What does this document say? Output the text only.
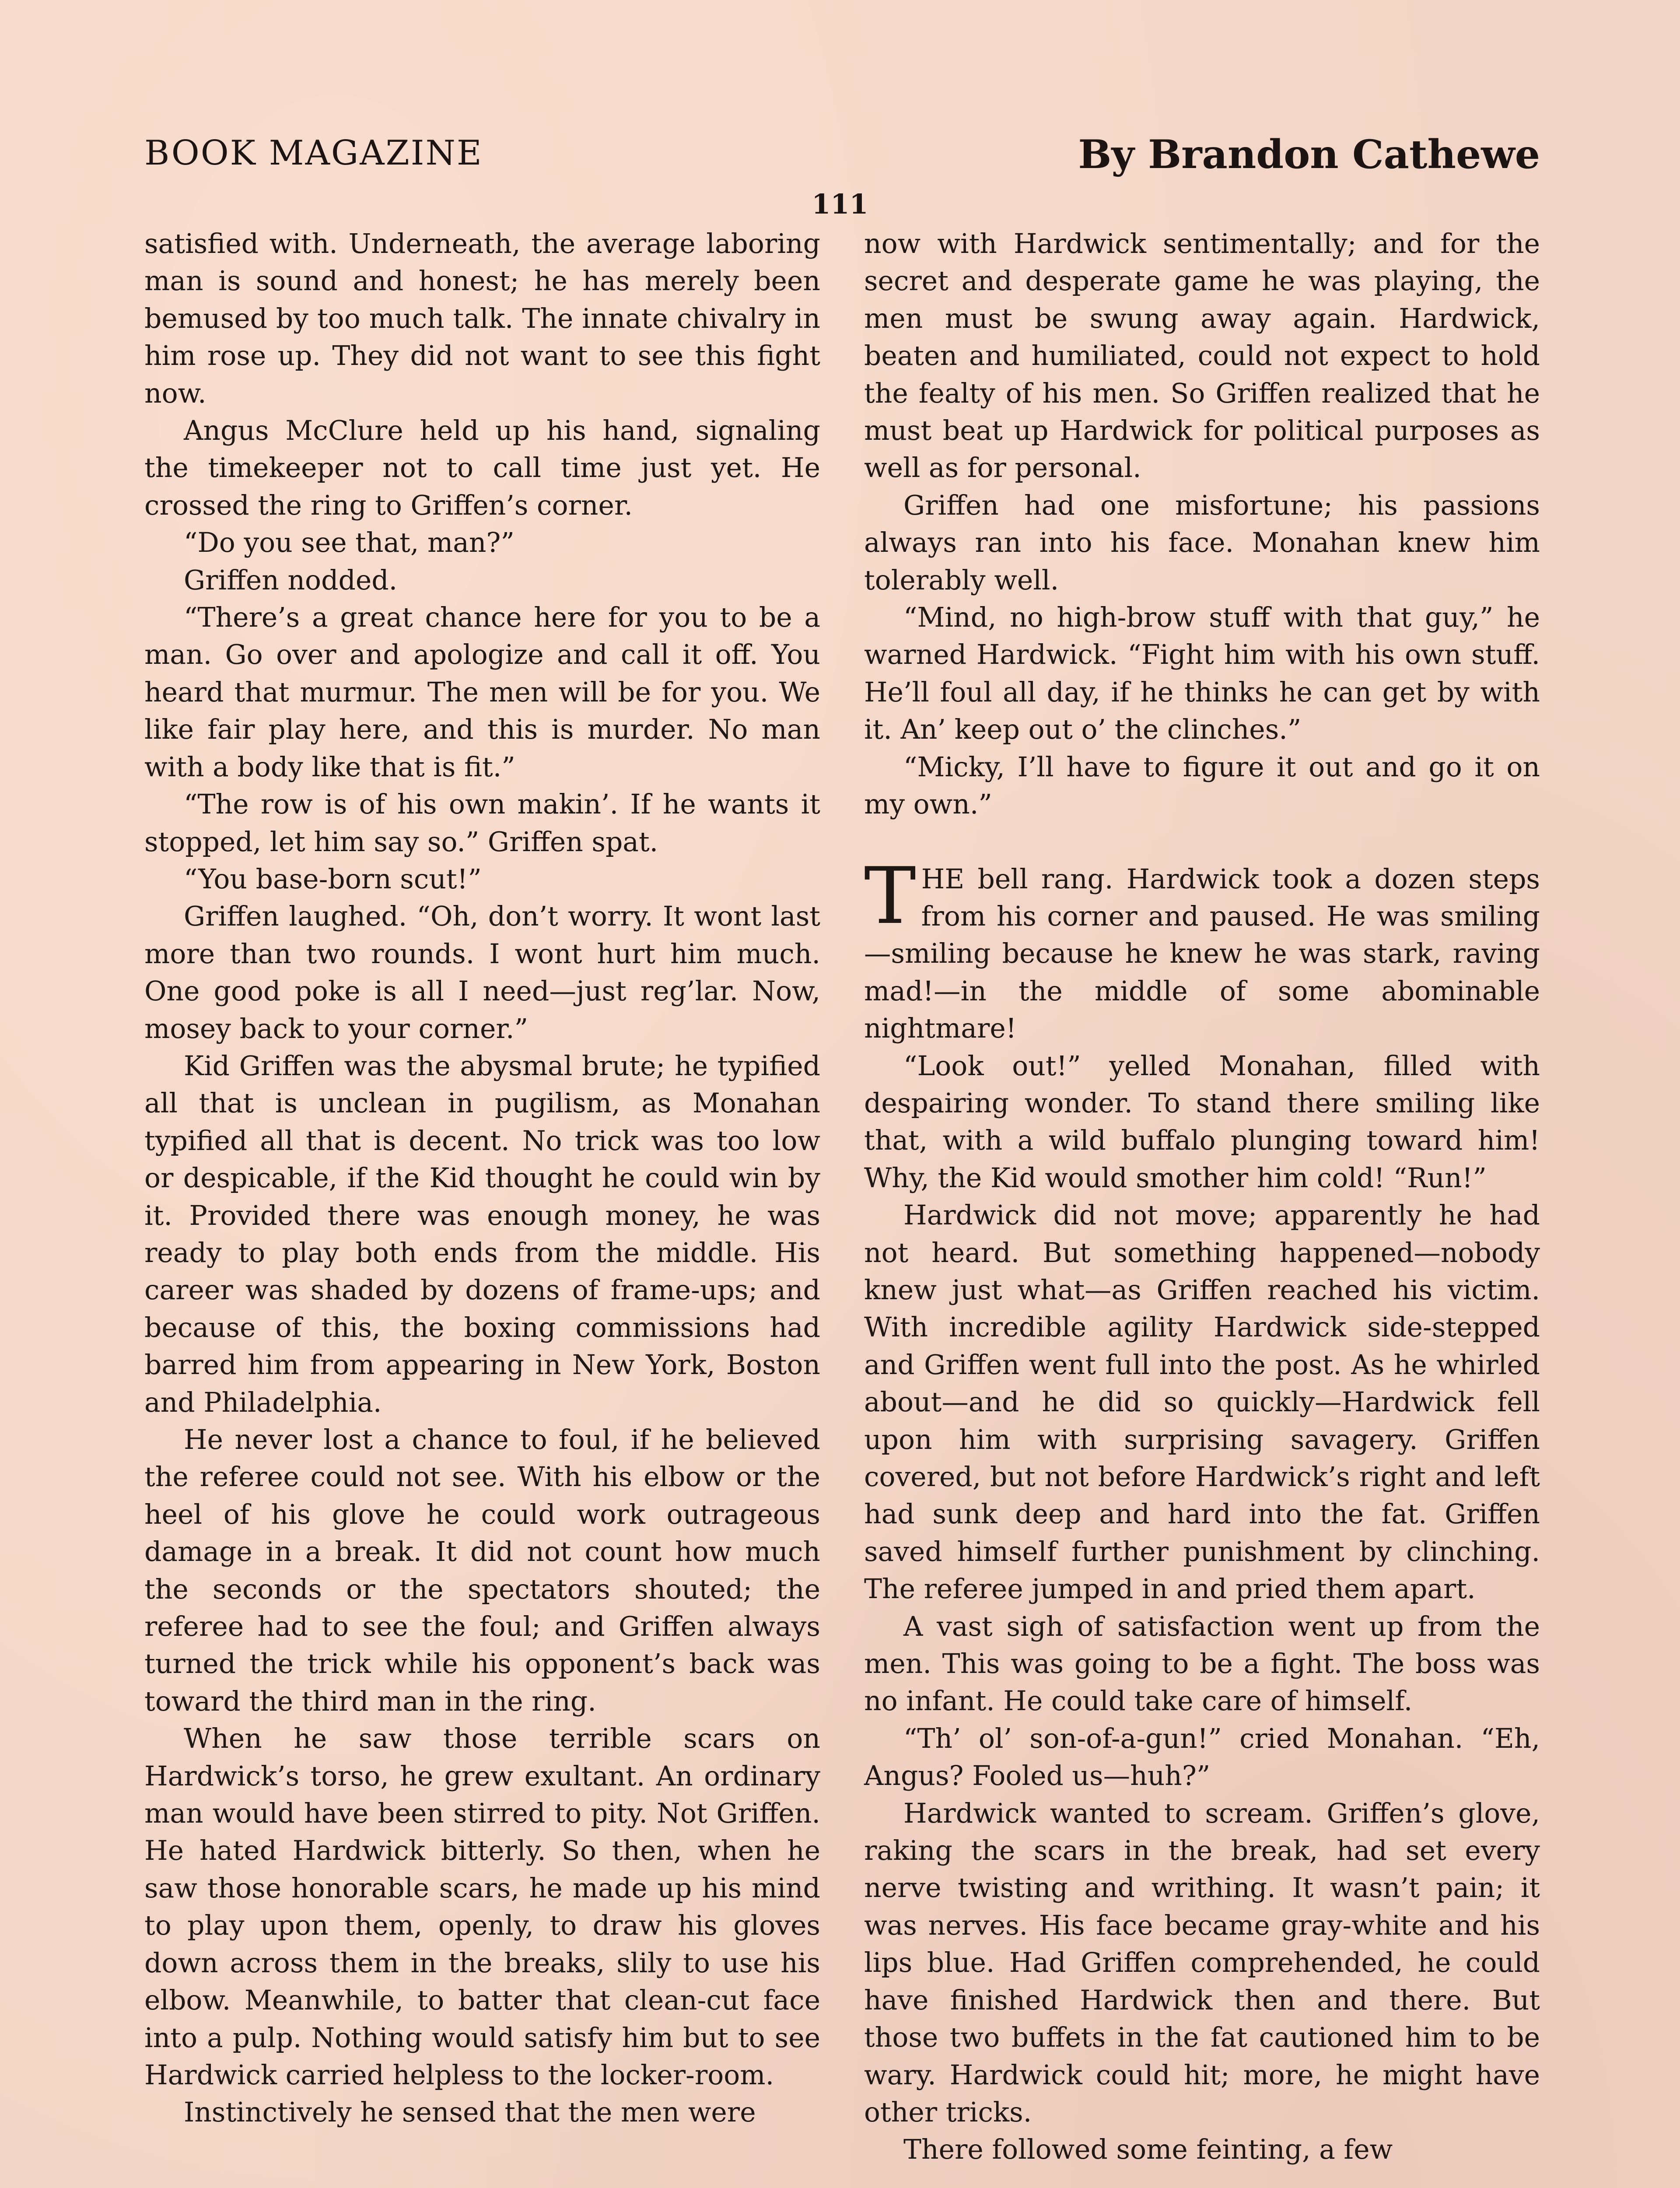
BOOK MAGAZINE	By Brandon Cathewe
111

satisfied with. Underneath, the average laboring man is sound and honest; he has merely been bemused by too much talk. The innate chivalry in him rose up. They did not want to see this fight now.

Angus McClure held up his hand, signaling the timekeeper not to call time just yet. He crossed the ring to Griffen’s corner.

“Do you see that, man?”

Griffen nodded.

“There’s a great chance here for you to be a man. Go over and apologize and call it off. You heard that murmur. The men will be for you. We like fair play here, and this is murder. No man with a body like that is fit.”

“The row is of his own makin’. If he wants it stopped, let him say so.” Griffen spat.

“You base-born scut!”

Griffen laughed. “Oh, don’t worry. It wont last more than two rounds. I wont hurt him much. One good poke is all I need—just reg’lar. Now, mosey back to your corner.”

Kid Griffen was the abysmal brute; he typified all that is unclean in pugilism, as Monahan typified all that is decent. No trick was too low or despicable, if the Kid thought he could win by it. Provided there was enough money, he was ready to play both ends from the middle. His career was shaded by dozens of frame-ups; and because of this, the boxing commissions had barred him from appearing in New York, Boston and Philadelphia.

He never lost a chance to foul, if he believed the referee could not see. With his elbow or the heel of his glove he could work outrageous damage in a break. It did not count how much the seconds or the spectators shouted; the referee had to see the foul; and Griffen always turned the trick while his opponent’s back was toward the third man in the ring.

When he saw those terrible scars on Hardwick’s torso, he grew exultant. An ordinary man would have been stirred to pity. Not Griffen. He hated Hardwick bitterly. So then, when he saw those honorable scars, he made up his mind to play upon them, openly, to draw his gloves down across them in the breaks, slily to use his elbow. Meanwhile, to batter that clean-cut face into a pulp. Nothing would satisfy him but to see Hardwick carried helpless to the locker-room.

Instinctively he sensed that the men were

now with Hardwick sentimentally; and for the secret and desperate game he was playing, the men must be swung away again. Hardwick, beaten and humiliated, could not expect to hold the fealty of his men. So Griffen realized that he must beat up Hardwick for political purposes as well as for personal.

Griffen had one misfortune; his passions always ran into his face. Monahan knew him tolerably well.

“Mind, no high-brow stuff with that guy,” he warned Hardwick. “Fight him with his own stuff. He’ll foul all day, if he thinks he can get by with it. An’ keep out o’ the clinches.”

“Micky, I’ll have to figure it out and go it on my own.”

THE bell rang. Hardwick took a dozen steps from his corner and paused. He was smiling—smiling because he knew he was stark, raving mad!—in the middle of some abominable nightmare!

“Look out!” yelled Monahan, filled with despairing wonder. To stand there smiling like that, with a wild buffalo plunging toward him! Why, the Kid would smother him cold! “Run!”

Hardwick did not move; apparently he had not heard. But something happened—nobody knew just what—as Griffen reached his victim. With incredible agility Hardwick side-stepped and Griffen went full into the post. As he whirled about—and he did so quickly—Hardwick fell upon him with surprising savagery. Griffen covered, but not before Hardwick’s right and left had sunk deep and hard into the fat. Griffen saved himself further punishment by clinching. The referee jumped in and pried them apart.

A vast sigh of satisfaction went up from the men. This was going to be a fight. The boss was no infant. He could take care of himself.

“Th’ ol’ son-of-a-gun!” cried Monahan. “Eh, Angus? Fooled us—huh?”

Hardwick wanted to scream. Griffen’s glove, raking the scars in the break, had set every nerve twisting and writhing. It wasn’t pain; it was nerves. His face became gray-white and his lips blue. Had Griffen comprehended, he could have finished Hardwick then and there. But those two buffets in the fat cautioned him to be wary. Hardwick could hit; more, he might have other tricks.

There followed some feinting, a few
